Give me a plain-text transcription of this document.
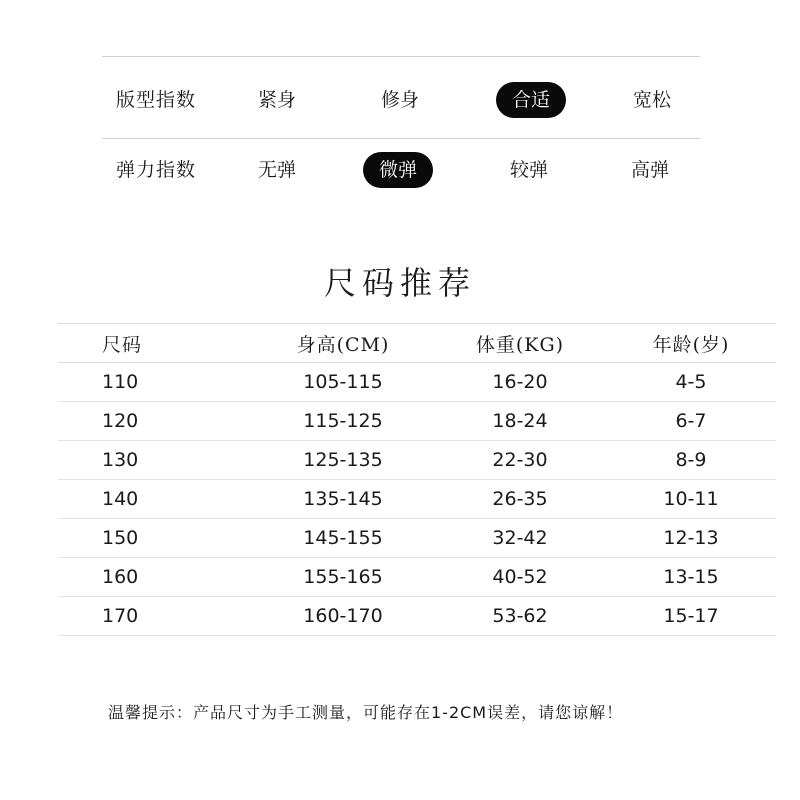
版型指数	紧身	修身	合适	宽松
弹力指数	无弹	微弹	较弹	高弹
尺码推荐
尺码	身高(CM)	体重(KG)	年龄(岁)
110	105-115	16-20	4-5
120	115-125	18-24	6-7
130	125-135	22-30	8-9
140	135-145	26-35	10-11
150	145-155	32-42	12-13
160	155-165	40-52	13-15
170	160-170	53-62	15-17
温馨提示：产品尺寸为手工测量，可能存在1-2CM误差，请您谅解！
